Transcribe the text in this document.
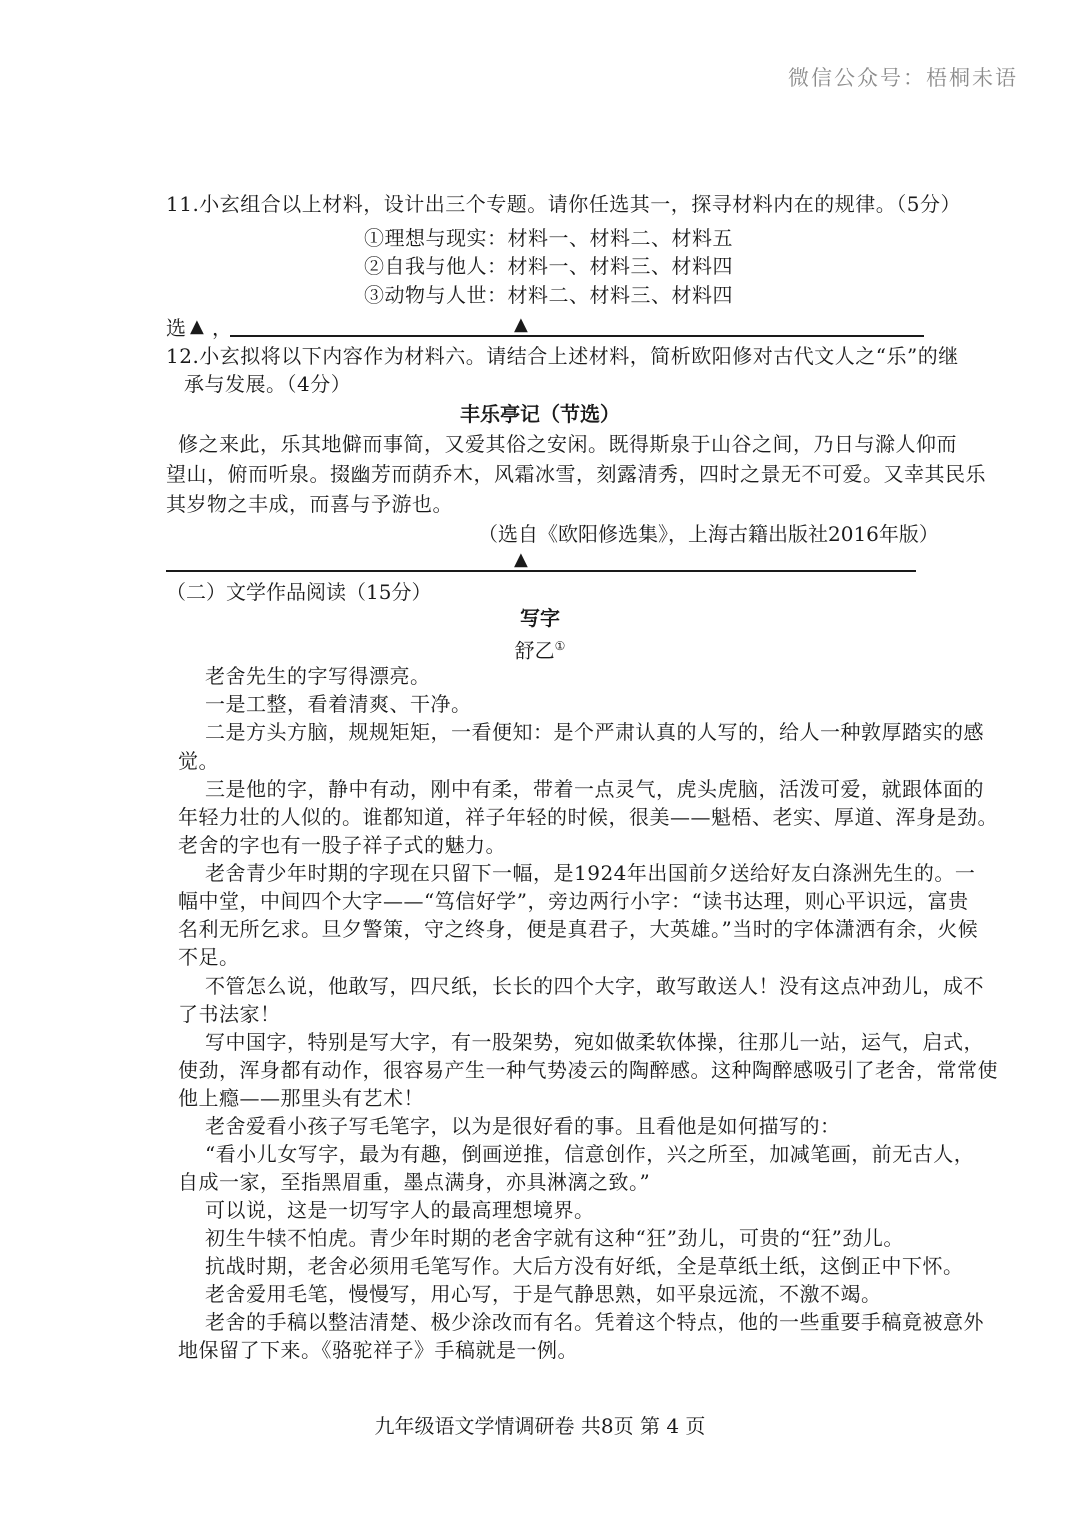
微信公众号：梧桐未语
11.小玄组合以上材料，设计出三个专题。请你任选其一，探寻材料内在的规律。（5分）
①理想与现实：材料一、材料二、材料五
②自我与他人：材料一、材料三、材料四
③动物与人世：材料二、材料三、材料四
选 ▲ ，	▲
12.小玄拟将以下内容作为材料六。请结合上述材料，简析欧阳修对古代文人之“乐”的继
承与发展。（4分）
丰乐亭记（节选）
修之来此，乐其地僻而事简，又爱其俗之安闲。既得斯泉于山谷之间，乃日与滁人仰而
望山，俯而听泉。掇幽芳而荫乔木，风霜冰雪，刻露清秀，四时之景无不可爱。又幸其民乐
其岁物之丰成，而喜与予游也。
（选自《欧阳修选集》，上海古籍出版社2016年版）
▲
（二）文学作品阅读（15分）
写字
舒乙①
老舍先生的字写得漂亮。
一是工整，看着清爽、干净。
二是方头方脑，规规矩矩，一看便知：是个严肃认真的人写的，给人一种敦厚踏实的感
觉。
三是他的字，静中有动，刚中有柔，带着一点灵气，虎头虎脑，活泼可爱，就跟体面的
年轻力壮的人似的。谁都知道，祥子年轻的时候，很美——魁梧、老实、厚道、浑身是劲。
老舍的字也有一股子祥子式的魅力。
老舍青少年时期的字现在只留下一幅，是1924年出国前夕送给好友白涤洲先生的。一
幅中堂，中间四个大字——“笃信好学”，旁边两行小字：“读书达理，则心平识远，富贵
名利无所乞求。旦夕警策，守之终身，便是真君子，大英雄。”当时的字体潇洒有余，火候
不足。
不管怎么说，他敢写，四尺纸，长长的四个大字，敢写敢送人！没有这点冲劲儿，成不
了书法家！
写中国字，特别是写大字，有一股架势，宛如做柔软体操，往那儿一站，运气，启式，
使劲，浑身都有动作，很容易产生一种气势凌云的陶醉感。这种陶醉感吸引了老舍，常常使
他上瘾——那里头有艺术！
老舍爱看小孩子写毛笔字，以为是很好看的事。且看他是如何描写的：
“看小儿女写字，最为有趣，倒画逆推，信意创作，兴之所至，加减笔画，前无古人，
自成一家，至指黑眉重，墨点满身，亦具淋漓之致。”
可以说，这是一切写字人的最高理想境界。
初生牛犊不怕虎。青少年时期的老舍字就有这种“狂”劲儿，可贵的“狂”劲儿。
抗战时期，老舍必须用毛笔写作。大后方没有好纸，全是草纸土纸，这倒正中下怀。
老舍爱用毛笔，慢慢写，用心写，于是气静思熟，如平泉远流，不激不竭。
老舍的手稿以整洁清楚、极少涂改而有名。凭着这个特点，他的一些重要手稿竟被意外
地保留了下来。《骆驼祥子》手稿就是一例。
九年级语文学情调研卷 共8页 第 4 页
